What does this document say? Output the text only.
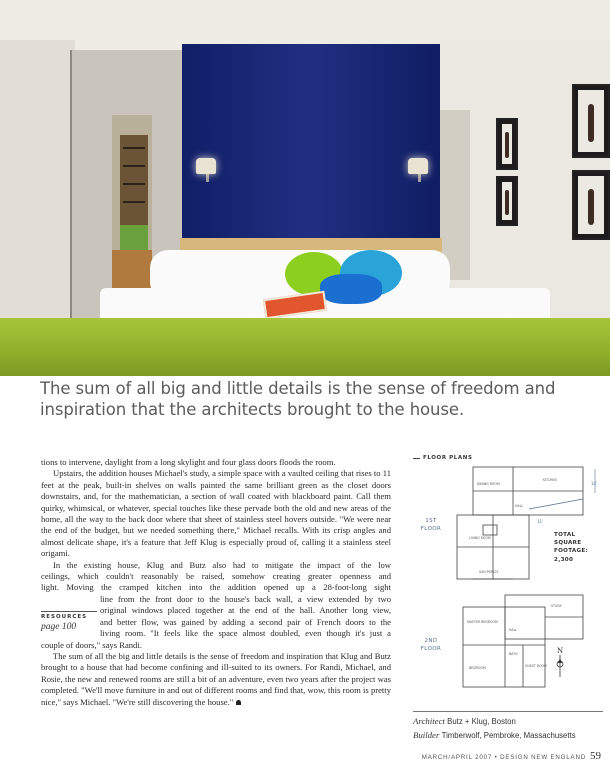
The sum of all big and little details is the sense of freedom and inspiration that the architects brought to the house.

tions to intervene, daylight from a long skylight and four glass doors floods the room.

Upstairs, the addition houses Michael's study, a simple space with a vaulted ceiling that rises to 11 feet at the peak, built-in shelves on walls painted the same brilliant green as the closet doors downstairs, and, for the mathematician, a section of wall coated with blackboard paint. Call them quirky, whimsical, or whatever, special touches like these pervade both the old and new areas of the home, all the way to the back door where that sheet of stainless steel hovers outside. "We were near the end of the budget, but we needed something there," Michael recalls. With its crisp angles and almost delicate shape, it's a feature that Jeff Klug is especially proud of, calling it a stainless steel origami.

In the existing house, Klug and Butz also had to mitigate the impact of the low
ceilings, which couldn't reasonably be raised, somehow creating greater openness and
light. Moving the cramped kitchen into the addition opened up a 28-foot-long sight
line from the front door to the house's back wall, a view extended by two
original windows placed together at the end of the hall. Another long view,
and better flow, was gained by adding a second pair of French doors to the
living room. "It feels like the space almost doubled, even though it's just a
couple of doors," says Randi.

The sum of all the big and little details is the sense of freedom and inspiration that Klug and Butz brought to a house that had become confining and ill-suited to its owners. For Randi, Michael, and Rosie, the new and renewed rooms are still a bit of an adventure, even two years after the project was completed. "We'll move furniture in and out of different rooms and find that, wow, this room is pretty nice," says Michael. "We're still discovering the house."

RESOURCES
page 100
FLOOR PLANS
1ST
FLOOR
2ND
FLOOR
TOTAL
SQUARE
FOOTAGE:
2,300
14'
11'
KITCHEN
DINING ROOM
LIVING ROOM
SUN PORCH
HALL
STUDY
MASTER BEDROOM
BEDROOM	GUEST ROOM
BATH
HALL
N
Architect Butz + Klug, Boston
Builder Timberwolf, Pembroke, Massachusetts
MARCH/APRIL 2007 • DESIGN NEW ENGLAND 59
